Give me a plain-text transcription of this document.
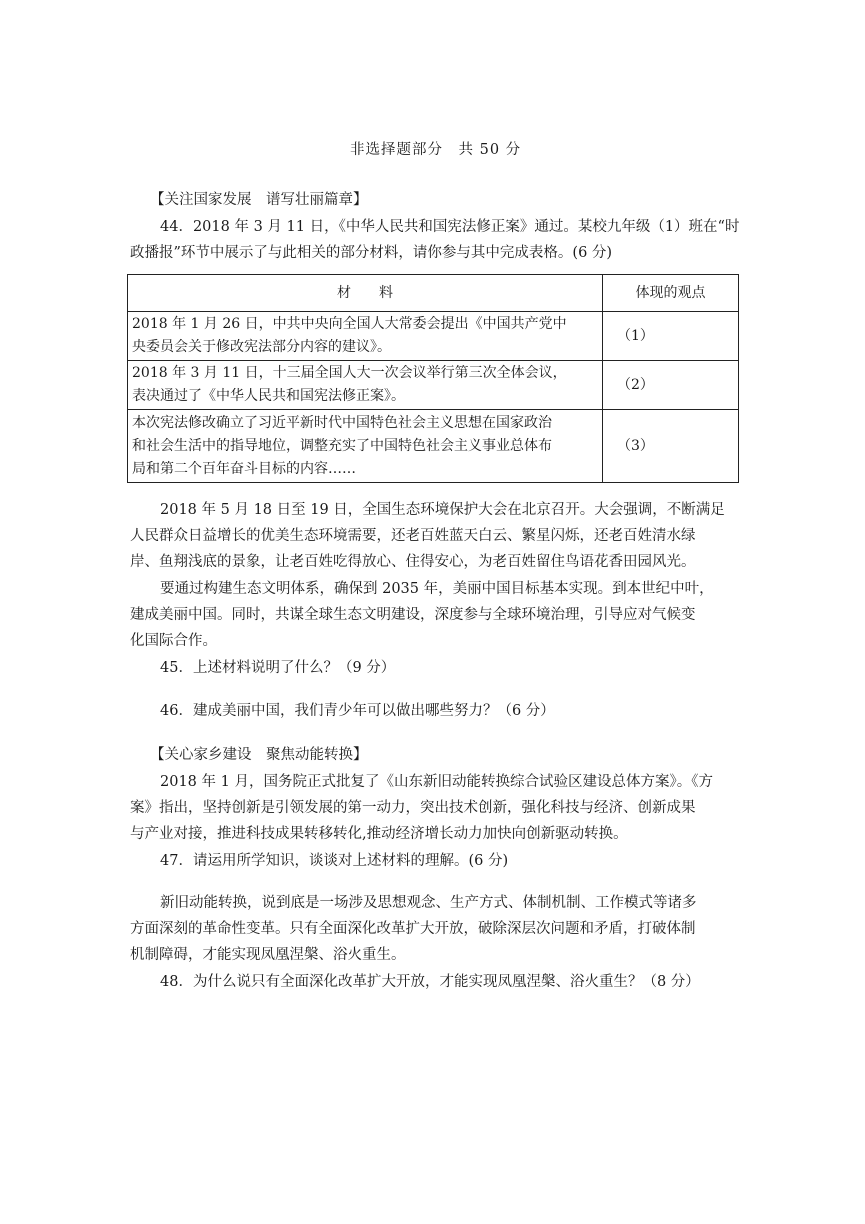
非选择题部分　共 50 分
【关注国家发展　谱写壮丽篇章】
44．2018 年 3 月 11 日，《中华人民共和国宪法修正案》通过。某校九年级（1）班在“时
政播报”环节中展示了与此相关的部分材料，请你参与其中完成表格。(6 分)
材　　料	体现的观点

2018 年 1 月 26 日，中共中央向全国人大常委会提出《中国共产党中
央委员会关于修改宪法部分内容的建议》。	（1）

2018 年 3 月 11 日，十三届全国人大一次会议举行第三次全体会议，
表决通过了《中华人民共和国宪法修正案》。	（2）

本次宪法修改确立了习近平新时代中国特色社会主义思想在国家政治
和社会生活中的指导地位，调整充实了中国特色社会主义事业总体布
局和第二个百年奋斗目标的内容……	（3）
2018 年 5 月 18 日至 19 日，全国生态环境保护大会在北京召开。大会强调，不断满足
人民群众日益增长的优美生态环境需要，还老百姓蓝天白云、繁星闪烁，还老百姓清水绿
岸、鱼翔浅底的景象，让老百姓吃得放心、住得安心，为老百姓留住鸟语花香田园风光。
要通过构建生态文明体系，确保到 2035 年，美丽中国目标基本实现。到本世纪中叶，
建成美丽中国。同时，共谋全球生态文明建设，深度参与全球环境治理，引导应对气候变
化国际合作。
45．上述材料说明了什么？（9 分）
46．建成美丽中国，我们青少年可以做出哪些努力？（6 分）
【关心家乡建设　聚焦动能转换】
2018 年 1 月，国务院正式批复了《山东新旧动能转换综合试验区建设总体方案》。《方
案》指出，坚持创新是引领发展的第一动力，突出技术创新，强化科技与经济、创新成果
与产业对接，推进科技成果转移转化,推动经济增长动力加快向创新驱动转换。
47．请运用所学知识，谈谈对上述材料的理解。(6 分)
新旧动能转换，说到底是一场涉及思想观念、生产方式、体制机制、工作模式等诸多
方面深刻的革命性变革。只有全面深化改革扩大开放，破除深层次问题和矛盾，打破体制
机制障碍，才能实现凤凰涅槃、浴火重生。
48．为什么说只有全面深化改革扩大开放，才能实现凤凰涅槃、浴火重生？（8 分）
